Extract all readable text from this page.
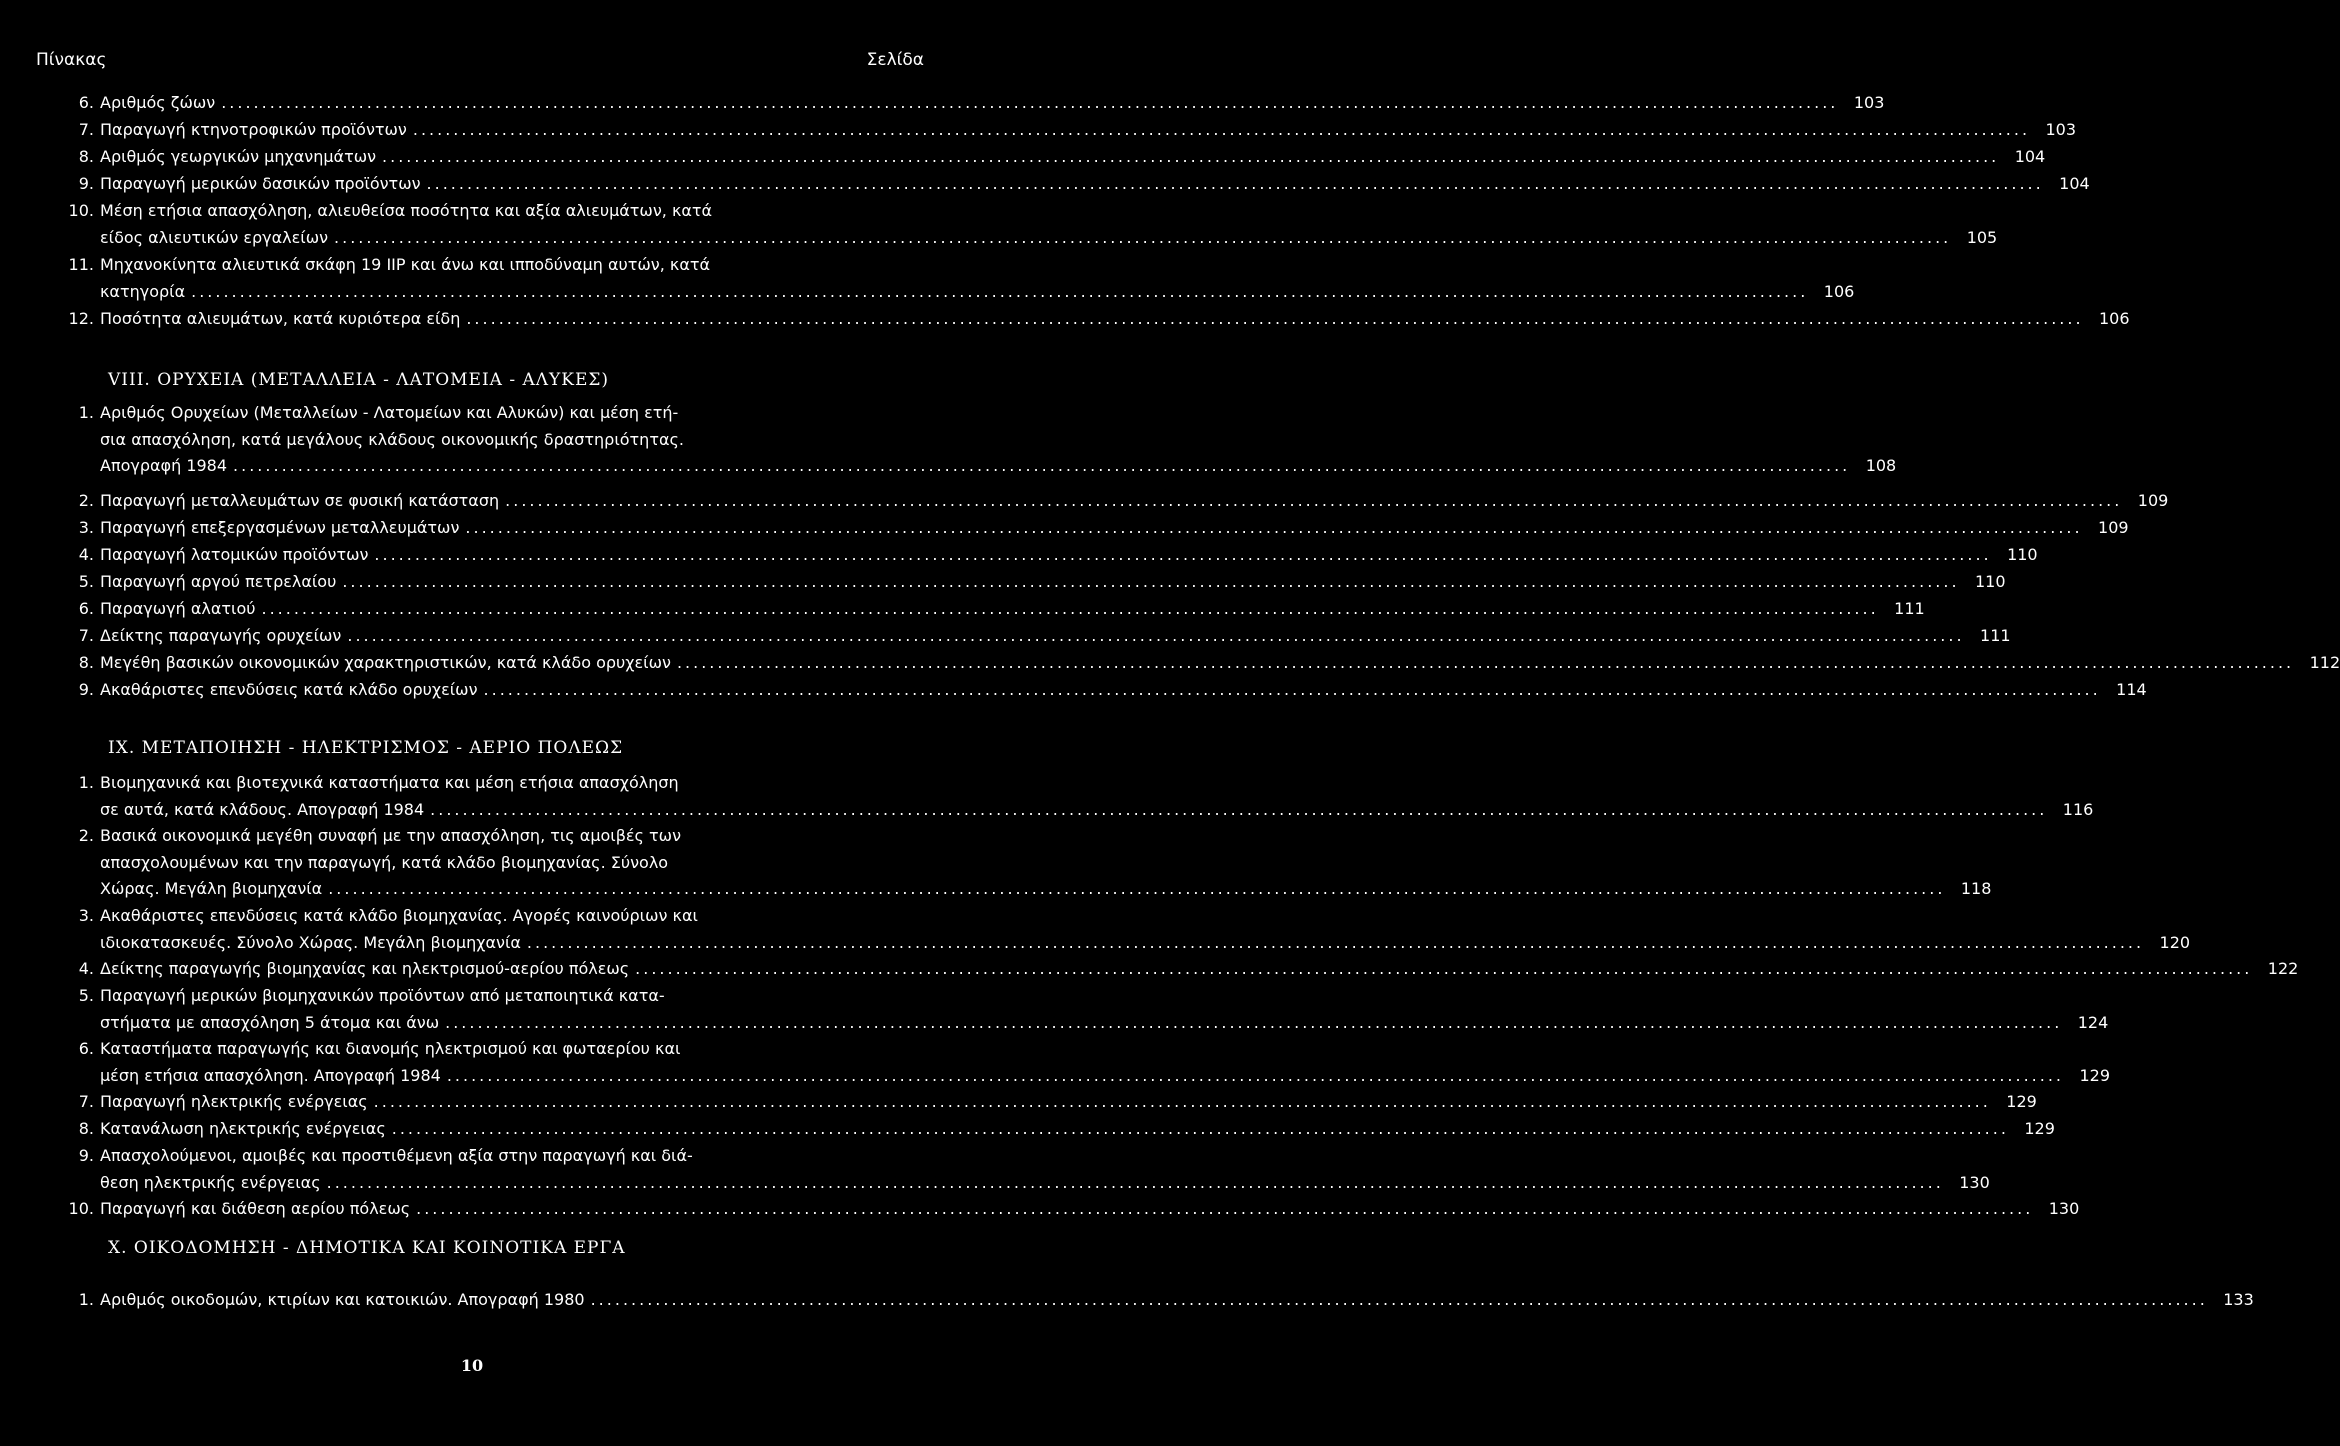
Πίνακας	Σελίδα
VIII. ΟΡΥΧΕΙΑ (ΜΕΤΑΛΛΕΙΑ - ΛΑΤΟΜΕΙΑ - ΑΛΥΚΕΣ)
ΙΧ. ΜΕΤΑΠΟΙΗΣΗ - ΗΛΕΚΤΡΙΣΜΟΣ - ΑΕΡΙΟ ΠΟΛΕΩΣ
Χ. ΟΙΚΟΔΟΜΗΣΗ - ΔΗΜΟΤΙΚΑ ΚΑΙ ΚΟΙΝΟΤΙΚΑ ΕΡΓΑ
6. Αριθμός ζώων ........................................................................................................................................................................................................ 103
7. Παραγωγή κτηνοτροφικών προϊόντων ........................................................................................................................................................................................................ 103
8. Αριθμός γεωργικών μηχανημάτων ........................................................................................................................................................................................................ 104
9. Παραγωγή μερικών δασικών προϊόντων ........................................................................................................................................................................................................ 104
10. Μέση ετήσια απασχόληση, αλιευθείσα ποσότητα και αξία αλιευμάτων, κατά
είδος αλιευτικών εργαλείων ........................................................................................................................................................................................................ 105
11. Μηχανοκίνητα αλιευτικά σκάφη 19 ΙΙΡ και άνω και ιπποδύναμη αυτών, κατά
κατηγορία ........................................................................................................................................................................................................ 106
12. Ποσότητα αλιευμάτων, κατά κυριότερα είδη ........................................................................................................................................................................................................ 106
1. Αριθμός Ορυχείων (Μεταλλείων - Λατομείων και Αλυκών) και μέση ετή-
σια απασχόληση, κατά μεγάλους κλάδους οικονομικής δραστηριότητας.
Απογραφή 1984 ........................................................................................................................................................................................................ 108
2. Παραγωγή μεταλλευμάτων σε φυσική κατάσταση ........................................................................................................................................................................................................ 109
3. Παραγωγή επεξεργασμένων μεταλλευμάτων ........................................................................................................................................................................................................ 109
4. Παραγωγή λατομικών προϊόντων ........................................................................................................................................................................................................ 110
5. Παραγωγή αργού πετρελαίου ........................................................................................................................................................................................................ 110
6. Παραγωγή αλατιού ........................................................................................................................................................................................................ 111
7. Δείκτης παραγωγής ορυχείων ........................................................................................................................................................................................................ 111
8. Μεγέθη βασικών οικονομικών χαρακτηριστικών, κατά κλάδο ορυχείων ........................................................................................................................................................................................................ 112
9. Ακαθάριστες επενδύσεις κατά κλάδο ορυχείων ........................................................................................................................................................................................................ 114
1. Βιομηχανικά και βιοτεχνικά καταστήματα και μέση ετήσια απασχόληση
σε αυτά, κατά κλάδους. Απογραφή 1984 ........................................................................................................................................................................................................ 116
2. Βασικά οικονομικά μεγέθη συναφή με την απασχόληση, τις αμοιβές των
απασχολουμένων και την παραγωγή, κατά κλάδο βιομηχανίας. Σύνολο
Χώρας. Μεγάλη βιομηχανία ........................................................................................................................................................................................................ 118
3. Ακαθάριστες επενδύσεις κατά κλάδο βιομηχανίας. Αγορές καινούριων και
ιδιοκατασκευές. Σύνολο Χώρας. Μεγάλη βιομηχανία ........................................................................................................................................................................................................ 120
4. Δείκτης παραγωγής βιομηχανίας και ηλεκτρισμού-αερίου πόλεως ........................................................................................................................................................................................................ 122
5. Παραγωγή μερικών βιομηχανικών προϊόντων από μεταποιητικά κατα-
στήματα με απασχόληση 5 άτομα και άνω ........................................................................................................................................................................................................ 124
6. Καταστήματα παραγωγής και διανομής ηλεκτρισμού και φωταερίου και
μέση ετήσια απασχόληση. Απογραφή 1984 ........................................................................................................................................................................................................ 129
7. Παραγωγή ηλεκτρικής ενέργειας ........................................................................................................................................................................................................ 129
8. Κατανάλωση ηλεκτρικής ενέργειας ........................................................................................................................................................................................................ 129
9. Απασχολούμενοι, αμοιβές και προστιθέμενη αξία στην παραγωγή και διά-
θεση ηλεκτρικής ενέργειας ........................................................................................................................................................................................................ 130
10. Παραγωγή και διάθεση αερίου πόλεως ........................................................................................................................................................................................................ 130
1. Αριθμός οικοδομών, κτιρίων και κατοικιών. Απογραφή 1980 ........................................................................................................................................................................................................ 133
10
